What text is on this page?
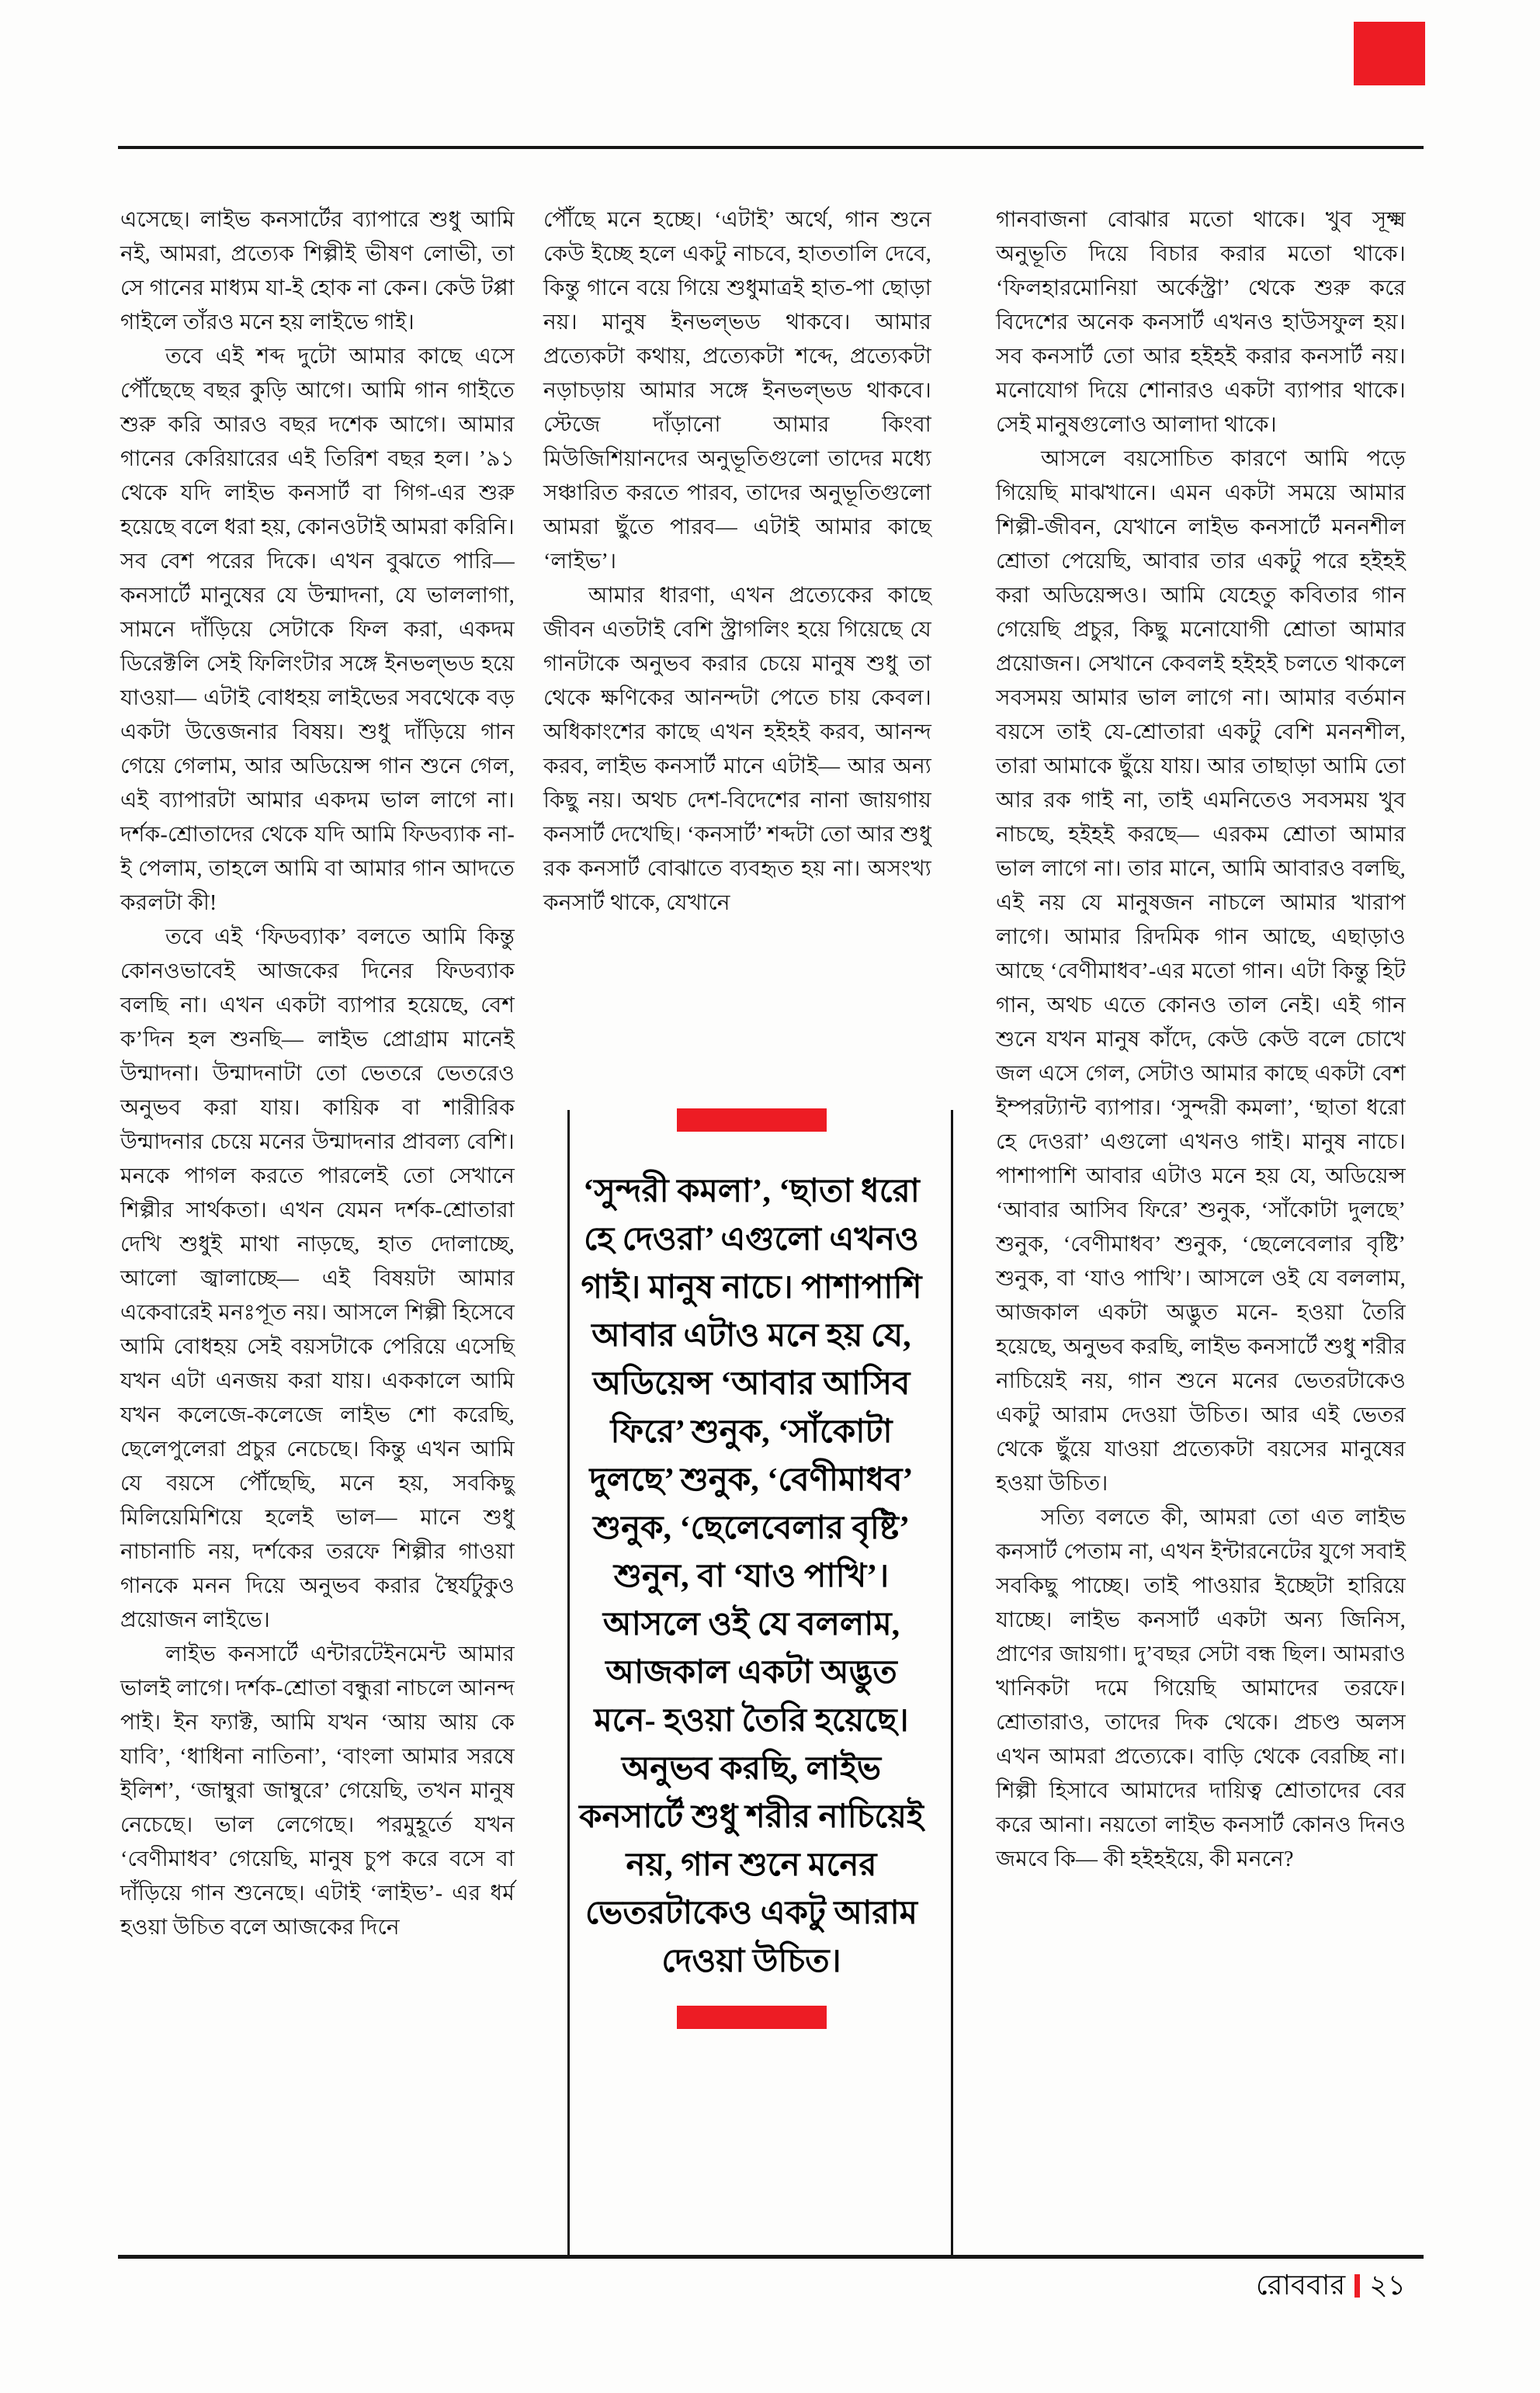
এসেছে। লাইভ কনসার্টের ব্যাপারে শুধু আমি নই, আমরা, প্রত্যেক শিল্পীই ভীষণ লোভী, তা সে গানের মাধ্যম যা-ই হোক না কেন। কেউ টপ্পা গাইলে তাঁরও মনে হয় লাইভে গাই।

তবে এই শব্দ দুটো আমার কাছে এসে পৌঁছেছে বছর কুড়ি আগে। আমি গান গাইতে শুরু করি আরও বছর দশেক আগে। আমার গানের কেরিয়ারের এই তিরিশ বছর হল। ’৯১ থেকে যদি লাইভ কনসার্ট বা গিগ-এর শুরু হয়েছে বলে ধরা হয়, কোনওটাই আমরা করিনি। সব বেশ পরের দিকে। এখন বুঝতে পারি— কনসার্টে মানুষের যে উন্মাদনা, যে ভাললাগা, সামনে দাঁড়িয়ে সেটাকে ফিল করা, একদম ডিরেক্টলি সেই ফিলিংটার সঙ্গে ইনভল্‌ভড হয়ে যাওয়া— এটাই বোধহয় লাইভের সবথেকে বড় একটা উত্তেজনার বিষয়। শুধু দাঁড়িয়ে গান গেয়ে গেলাম, আর অডিয়েন্স গান শুনে গেল, এই ব্যাপারটা আমার একদম ভাল লাগে না। দর্শক-শ্রোতাদের থেকে যদি আমি ফিডব্যাক না-ই পেলাম, তাহলে আমি বা আমার গান আদতে করলটা কী!

তবে এই ‘ফিডব্যাক’ বলতে আমি কিন্তু কোনওভাবেই আজকের দিনের ফিডব্যাক বলছি না। এখন একটা ব্যাপার হয়েছে, বেশ ক’দিন হল শুনছি— লাইভ প্রোগ্রাম মানেই উন্মাদনা। উন্মাদনাটা তো ভেতরে ভেতরেও অনুভব করা যায়। কায়িক বা শারীরিক উন্মাদনার চেয়ে মনের উন্মাদনার প্রাবল্য বেশি। মনকে পাগল করতে পারলেই তো সেখানে শিল্পীর সার্থকতা। এখন যেমন দর্শক-শ্রোতারা দেখি শুধুই মাথা নাড়ছে, হাত দোলাচ্ছে, আলো জ্বালাচ্ছে— এই বিষয়টা আমার একেবারেই মনঃপূত নয়। আসলে শিল্পী হিসেবে আমি বোধহয় সেই বয়সটাকে পেরিয়ে এসেছি যখন এটা এনজয় করা যায়। এককালে আমি যখন কলেজে-কলেজে লাইভ শো করেছি, ছেলেপুলেরা প্রচুর নেচেছে। কিন্তু এখন আমি যে বয়সে পৌঁছেছি, মনে হয়, সবকিছু মিলিয়েমিশিয়ে হলেই ভাল— মানে শুধু নাচানাচি নয়, দর্শকের তরফে শিল্পীর গাওয়া গানকে মনন দিয়ে অনুভব করার স্থৈর্যটুকুও প্রয়োজন লাইভে।

লাইভ কনসার্টে এন্টারটেইনমেন্ট আমার ভালই লাগে। দর্শক-শ্রোতা বন্ধুরা নাচলে আনন্দ পাই। ইন ফ্যাক্ট, আমি যখন ‘আয় আয় কে যাবি’, ‘ধাধিনা নাতিনা’, ‘বাংলা আমার সরষে ইলিশ’, ‘জাম্বুরা জাম্বুরে’ গেয়েছি, তখন মানুষ নেচেছে। ভাল লেগেছে। পরমুহূর্তে যখন ‘বেণীমাধব’ গেয়েছি, মানুষ চুপ করে বসে বা দাঁড়িয়ে গান শুনেছে। এটাই ‘লাইভ’- এর ধর্ম হওয়া উচিত বলে আজকের দিনে

পৌঁছে মনে হচ্ছে। ‘এটাই’ অর্থে, গান শুনে কেউ ইচ্ছে হলে একটু নাচবে, হাততালি দেবে, কিন্তু গানে বয়ে গিয়ে শুধুমাত্রই হাত-পা ছোড়া নয়। মানুষ ইনভল্‌ভড থাকবে। আমার প্রত্যেকটা কথায়, প্রত্যেকটা শব্দে, প্রত্যেকটা নড়াচড়ায় আমার সঙ্গে ইনভল্‌ভড থাকবে। স্টেজে দাঁড়ানো আমার কিংবা মিউজিশিয়ানদের অনুভূতিগুলো তাদের মধ্যে সঞ্চারিত করতে পারব, তাদের অনুভূতিগুলো আমরা ছুঁতে পারব— এটাই আমার কাছে ‘লাইভ’।

আমার ধারণা, এখন প্রত্যেকের কাছে জীবন এতটাই বেশি স্ট্রাগলিং হয়ে গিয়েছে যে গানটাকে অনুভব করার চেয়ে মানুষ শুধু তা থেকে ক্ষণিকের আনন্দটা পেতে চায় কেবল। অধিকাংশের কাছে এখন হইহই করব, আনন্দ করব, লাইভ কনসার্ট মানে এটাই— আর অন্য কিছু নয়। অথচ দেশ-বিদেশের নানা জায়গায় কনসার্ট দেখেছি। ‘কনসার্ট’ শব্দটা তো আর শুধু রক কনসার্ট বোঝাতে ব্যবহৃত হয় না। অসংখ্য কনসার্ট থাকে, যেখানে

‘সুন্দরী কমলা’, ‘ছাতা ধরো হে দেওরা’ এগুলো এখনও গাই। মানুষ নাচে। পাশাপাশি আবার এটাও মনে হয় যে, অডিয়েন্স ‘আবার আসিব ফিরে’ শুনুক, ‘সাঁকোটা দুলছে’ শুনুক, ‘বেণীমাধব’ শুনুক, ‘ছেলেবেলার বৃষ্টি’ শুনুন, বা ‘যাও পাখি’। আসলে ওই যে বললাম, আজকাল একটা অদ্ভুত মনে- হওয়া তৈরি হয়েছে। অনুভব করছি, লাইভ কনসার্টে শুধু শরীর নাচিয়েই নয়, গান শুনে মনের ভেতরটাকেও একটু আরাম দেওয়া উচিত।

গানবাজনা বোঝার মতো থাকে। খুব সূক্ষ্ম অনুভূতি দিয়ে বিচার করার মতো থাকে। ‘ফিলহারমোনিয়া অর্কেস্ট্রা’ থেকে শুরু করে বিদেশের অনেক কনসার্ট এখনও হাউসফুল হয়। সব কনসার্ট তো আর হইহই করার কনসার্ট নয়। মনোযোগ দিয়ে শোনারও একটা ব্যাপার থাকে। সেই মানুষগুলোও আলাদা থাকে।

আসলে বয়সোচিত কারণে আমি পড়ে গিয়েছি মাঝখানে। এমন একটা সময়ে আমার শিল্পী-জীবন, যেখানে লাইভ কনসার্টে মননশীল শ্রোতা পেয়েছি, আবার তার একটু পরে হইহই করা অডিয়েন্সও। আমি যেহেতু কবিতার গান গেয়েছি প্রচুর, কিছু মনোযোগী শ্রোতা আমার প্রয়োজন। সেখানে কেবলই হইহই চলতে থাকলে সবসময় আমার ভাল লাগে না। আমার বর্তমান বয়সে তাই যে-শ্রোতারা একটু বেশি মননশীল, তারা আমাকে ছুঁয়ে যায়। আর তাছাড়া আমি তো আর রক গাই না, তাই এমনিতেও সবসময় খুব নাচছে, হইহই করছে— এরকম শ্রোতা আমার ভাল লাগে না। তার মানে, আমি আবারও বলছি, এই নয় যে মানুষজন নাচলে আমার খারাপ লাগে। আমার রিদমিক গান আছে, এছাড়াও আছে ‘বেণীমাধব’-এর মতো গান। এটা কিন্তু হিট গান, অথচ এতে কোনও তাল নেই। এই গান শুনে যখন মানুষ কাঁদে, কেউ কেউ বলে চোখে জল এসে গেল, সেটাও আমার কাছে একটা বেশ ইম্পরট্যান্ট ব্যাপার। ‘সুন্দরী কমলা’, ‘ছাতা ধরো হে দেওরা’ এগুলো এখনও গাই। মানুষ নাচে। পাশাপাশি আবার এটাও মনে হয় যে, অডিয়েন্স ‘আবার আসিব ফিরে’ শুনুক, ‘সাঁকোটা দুলছে’ শুনুক, ‘বেণীমাধব’ শুনুক, ‘ছেলেবেলার বৃষ্টি’ শুনুক, বা ‘যাও পাখি’। আসলে ওই যে বললাম, আজকাল একটা অদ্ভুত মনে- হওয়া তৈরি হয়েছে, অনুভব করছি, লাইভ কনসার্টে শুধু শরীর নাচিয়েই নয়, গান শুনে মনের ভেতরটাকেও একটু আরাম দেওয়া উচিত। আর এই ভেতর থেকে ছুঁয়ে যাওয়া প্রত্যেকটা বয়সের মানুষের হওয়া উচিত।

সত্যি বলতে কী, আমরা তো এত লাইভ কনসার্ট পেতাম না, এখন ইন্টারনেটের যুগে সবাই সবকিছু পাচ্ছে। তাই পাওয়ার ইচ্ছেটা হারিয়ে যাচ্ছে। লাইভ কনসার্ট একটা অন্য জিনিস, প্রাণের জায়গা। দু’বছর সেটা বন্ধ ছিল। আমরাও খানিকটা দমে গিয়েছি আমাদের তরফে। শ্রোতারাও, তাদের দিক থেকে। প্রচণ্ড অলস এখন আমরা প্রত্যেকে। বাড়ি থেকে বেরচ্ছি না। শিল্পী হিসাবে আমাদের দায়িত্ব শ্রোতাদের বের করে আনা। নয়তো লাইভ কনসার্ট কোনও দিনও জমবে কি— কী হইহইয়ে, কী মননে?

রোববার ২১
